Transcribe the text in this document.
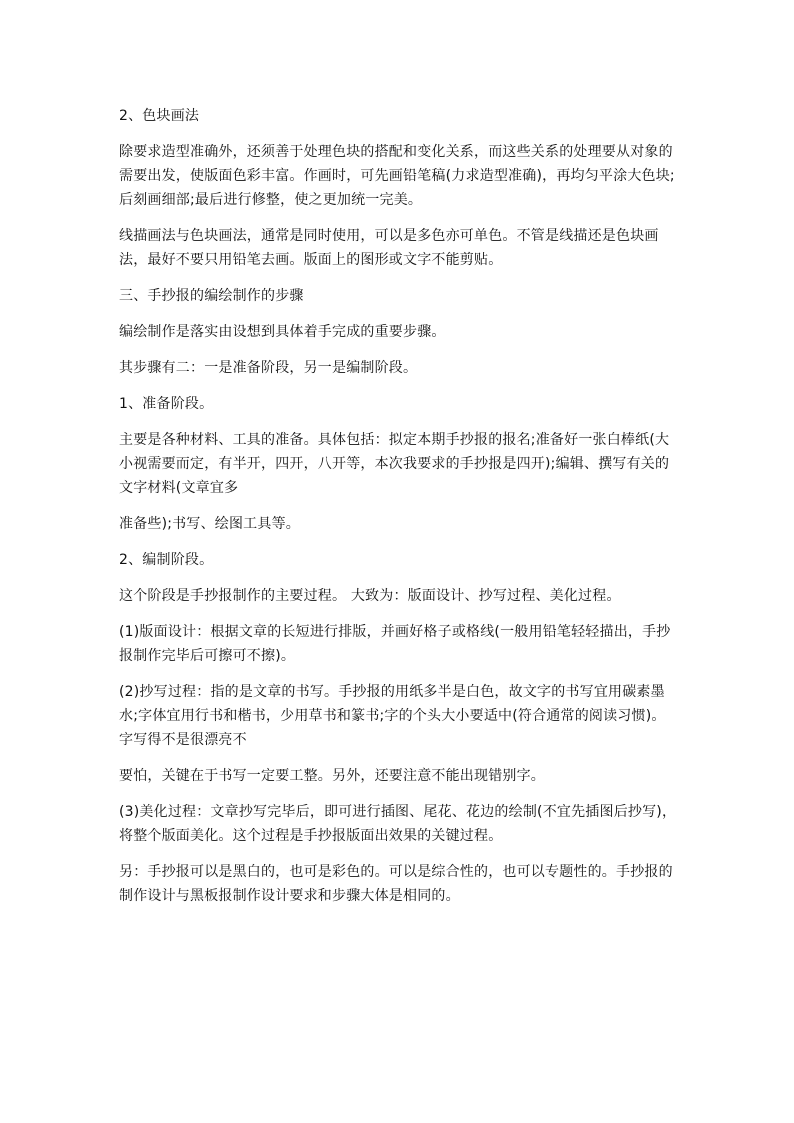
2、色块画法

除要求造型准确外，还须善于处理色块的搭配和变化关系，而这些关系的处理要从对象的需要出发，使版面色彩丰富。作画时，可先画铅笔稿(力求造型准确)，再均匀平涂大色块;后刻画细部;最后进行修整，使之更加统一完美。

线描画法与色块画法，通常是同时使用，可以是多色亦可单色。不管是线描还是色块画法，最好不要只用铅笔去画。版面上的图形或文字不能剪贴。

三、手抄报的编绘制作的步骤

编绘制作是落实由设想到具体着手完成的重要步骤。

其步骤有二：一是准备阶段，另一是编制阶段。

1、准备阶段。

主要是各种材料、工具的准备。具体包括：拟定本期手抄报的报名;准备好一张白棒纸(大小视需要而定，有半开，四开，八开等，本次我要求的手抄报是四开);编辑、撰写有关的文字材料(文章宜多

准备些);书写、绘图工具等。

2、编制阶段。

这个阶段是手抄报制作的主要过程。 大致为：版面设计、抄写过程、美化过程。

(1)版面设计：根据文章的长短进行排版，并画好格子或格线(一般用铅笔轻轻描出，手抄报制作完毕后可擦可不擦)。

(2)抄写过程：指的是文章的书写。手抄报的用纸多半是白色，故文字的书写宜用碳素墨水;字体宜用行书和楷书，少用草书和篆书;字的个头大小要适中(符合通常的阅读习惯)。字写得不是很漂亮不

要怕，关键在于书写一定要工整。另外，还要注意不能出现错别字。

(3)美化过程：文章抄写完毕后，即可进行插图、尾花、花边的绘制(不宜先插图后抄写)，将整个版面美化。这个过程是手抄报版面出效果的关键过程。

另：手抄报可以是黑白的，也可是彩色的。可以是综合性的，也可以专题性的。手抄报的制作设计与黑板报制作设计要求和步骤大体是相同的。
